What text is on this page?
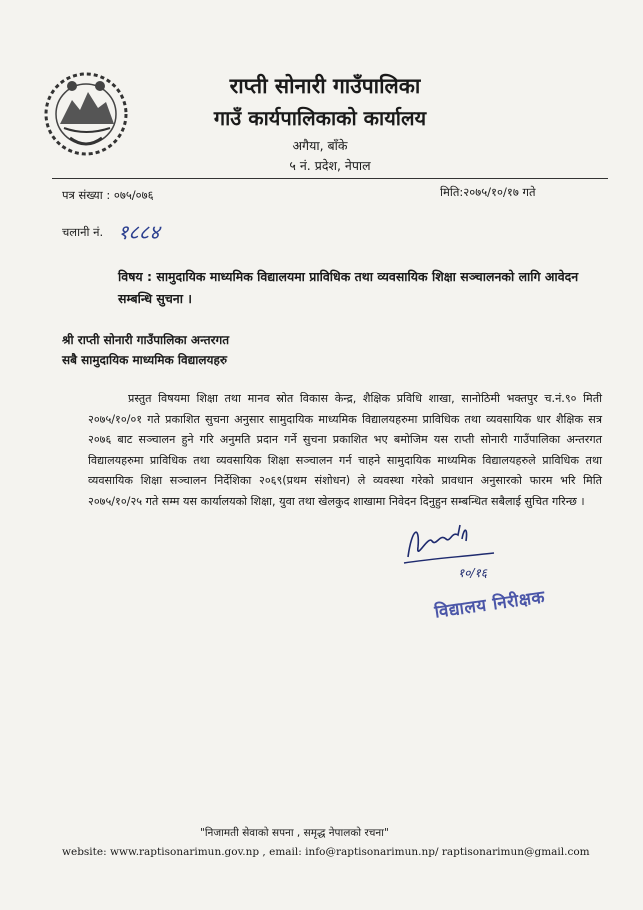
राप्ती सोनारी गाउँपालिका
गाउँ कार्यपालिकाको कार्यालय
अगैया, बाँके
५ नं. प्रदेश, नेपाल
पत्र संख्या : ०७५/०७६	मिति:२०७५/१०/१७ गते
चलानी नं. १८८४
विषय : सामुदायिक माध्यमिक विद्यालयमा प्राविधिक तथा व्यवसायिक शिक्षा सञ्चालनको लागि आवेदन सम्बन्धि सुचना ।
श्री राप्ती सोनारी गाउँपालिका अन्तरगत
सबै सामुदायिक माध्यमिक विद्यालयहरु
प्रस्तुत विषयमा शिक्षा तथा मानव स्रोत विकास केन्द्र, शैक्षिक प्रविधि शाखा, सानोठिमी भक्तपुर च.नं.९० मिती २०७५/१०/०१ गते प्रकाशित सुचना अनुसार सामुदायिक माध्यमिक विद्यालयहरुमा प्राविधिक तथा व्यवसायिक धार शैक्षिक सत्र २०७६ बाट सञ्चालन हुने गरि अनुमति प्रदान गर्ने सुचना प्रकाशित भए बमोजिम यस राप्ती सोनारी गाउँपालिका अन्तरगत विद्यालयहरुमा प्राविधिक तथा व्यवसायिक शिक्षा सञ्चालन गर्न चाहने सामुदायिक माध्यमिक विद्यालयहरुले प्राविधिक तथा व्यवसायिक शिक्षा सञ्चालन निर्देशिका २०६९(प्रथम संशोधन) ले व्यवस्था गरेको प्रावधान अनुसारको फारम भरि मिति २०७५/१०/२५ गते सम्म यस कार्यालयको शिक्षा, युवा तथा खेलकुद शाखामा निवेदन दिनुहुन सम्बन्धित सबैलाई सुचित गरिन्छ ।
१०/१६
विद्यालय निरीक्षक
"निजामती सेवाको सपना , समृद्ध नेपालको रचना"
website: www.raptisonarimun.gov.np , email: info@raptisonarimun.np/ raptisonarimun@gmail.com
